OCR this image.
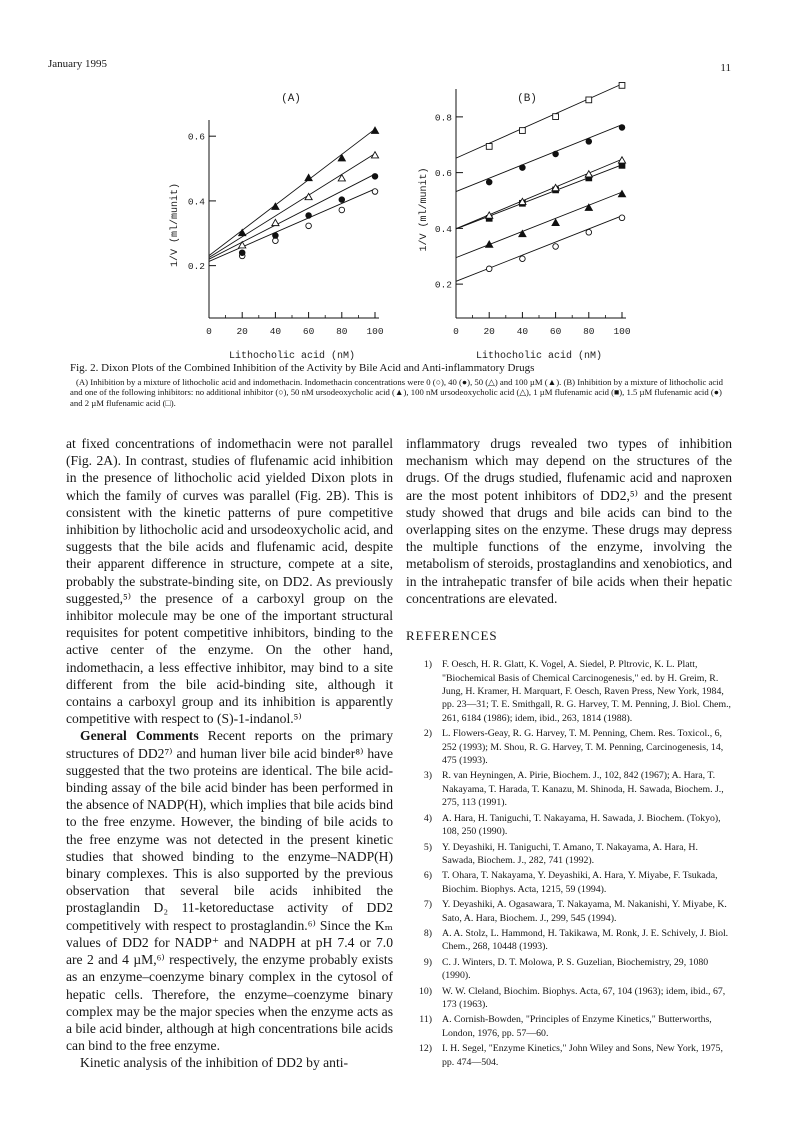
January 1995	11
(A)
0	20 40 60 80 100
0.2
0.4
0.6
Lithocholic acid (nM)
1/V (ml/munit)
(B)
0	20 40 60 80 100
0.2
0.4
0.6
0.8
Lithocholic acid (nM)
1/V (ml/munit)
Fig. 2. Dixon Plots of the Combined Inhibition of the Activity by Bile Acid and Anti-inflammatory Drugs
(A) Inhibition by a mixture of lithocholic acid and indomethacin. Indomethacin concentrations were 0 (○), 40 (●), 50 (△) and 100 µM (▲). (B) Inhibition by a mixture of lithocholic acid and one of the following inhibitors: no additional inhibitor (○), 50 nM ursodeoxycholic acid (▲), 100 nM ursodeoxycholic acid (△), 1 µM flufenamic acid (■), 1.5 µM flufenamic acid (●) and 2 µM flufenamic acid (□).

at fixed concentrations of indomethacin were not parallel (Fig. 2A). In contrast, studies of flufenamic acid inhibition in the presence of lithocholic acid yielded Dixon plots in which the family of curves was parallel (Fig. 2B). This is consistent with the kinetic patterns of pure competitive inhibition by lithocholic acid and ursodeoxycholic acid, and suggests that the bile acids and flufenamic acid, despite their apparent difference in structure, compete at a site, probably the substrate-binding site, on DD2. As previously suggested,⁵⁾ the presence of a carboxyl group on the inhibitor molecule may be one of the important structural requisites for potent competitive inhibitors, binding to the active center of the enzyme. On the other hand, indomethacin, a less effective inhibitor, may bind to a site different from the bile acid-binding site, although it contains a carboxyl group and its inhibition is apparently competitive with respect to (S)-1-indanol.⁵⁾

General Comments Recent reports on the primary structures of DD2⁷⁾ and human liver bile acid binder⁸⁾ have suggested that the two proteins are identical. The bile acid-binding assay of the bile acid binder has been performed in the absence of NADP(H), which implies that bile acids bind to the free enzyme. However, the binding of bile acids to the free enzyme was not detected in the present kinetic studies that showed binding to the enzyme–NADP(H) binary complexes. This is also supported by the previous observation that several bile acids inhibited the prostaglandin D₂ 11-ketoreductase activity of DD2 competitively with respect to prostaglandin.⁶⁾ Since the Kₘ values of DD2 for NADP⁺ and NADPH at pH 7.4 or 7.0 are 2 and 4 µM,⁶⁾ respectively, the enzyme probably exists as an enzyme–coenzyme binary complex in the cytosol of hepatic cells. Therefore, the enzyme–coenzyme binary complex may be the major species when the enzyme acts as a bile acid binder, although at high concentrations bile acids can bind to the free enzyme.

Kinetic analysis of the inhibition of DD2 by anti-

inflammatory drugs revealed two types of inhibition mechanism which may depend on the structures of the drugs. Of the drugs studied, flufenamic acid and naproxen are the most potent inhibitors of DD2,⁵⁾ and the present study showed that drugs and bile acids can bind to the overlapping sites on the enzyme. These drugs may depress the multiple functions of the enzyme, involving the metabolism of steroids, prostaglandins and xenobiotics, and in the intrahepatic transfer of bile acids when their hepatic concentrations are elevated.

REFERENCES
1)	F. Oesch, H. R. Glatt, K. Vogel, A. Siedel, P. Pltrovic, K. L. Platt, "Biochemical Basis of Chemical Carcinogenesis," ed. by H. Greim, R. Jung, H. Kramer, H. Marquart, F. Oesch, Raven Press, New York, 1984, pp. 23—31; T. E. Smithgall, R. G. Harvey, T. M. Penning, J. Biol. Chem., 261, 6184 (1986); idem, ibid., 263, 1814 (1988).
2)	L. Flowers-Geay, R. G. Harvey, T. M. Penning, Chem. Res. Toxicol., 6, 252 (1993); M. Shou, R. G. Harvey, T. M. Penning, Carcinogenesis, 14, 475 (1993).
3)	R. van Heyningen, A. Pirie, Biochem. J., 102, 842 (1967); A. Hara, T. Nakayama, T. Harada, T. Kanazu, M. Shinoda, H. Sawada, Biochem. J., 275, 113 (1991).
4)	A. Hara, H. Taniguchi, T. Nakayama, H. Sawada, J. Biochem. (Tokyo), 108, 250 (1990).
5)	Y. Deyashiki, H. Taniguchi, T. Amano, T. Nakayama, A. Hara, H. Sawada, Biochem. J., 282, 741 (1992).
6)	T. Ohara, T. Nakayama, Y. Deyashiki, A. Hara, Y. Miyabe, F. Tsukada, Biochim. Biophys. Acta, 1215, 59 (1994).
7)	Y. Deyashiki, A. Ogasawara, T. Nakayama, M. Nakanishi, Y. Miyabe, K. Sato, A. Hara, Biochem. J., 299, 545 (1994).
8)	A. A. Stolz, L. Hammond, H. Takikawa, M. Ronk, J. E. Schively, J. Biol. Chem., 268, 10448 (1993).
9)	C. J. Winters, D. T. Molowa, P. S. Guzelian, Biochemistry, 29, 1080 (1990).
10)	W. W. Cleland, Biochim. Biophys. Acta, 67, 104 (1963); idem, ibid., 67, 173 (1963).
11)	A. Cornish-Bowden, "Principles of Enzyme Kinetics," Butterworths, London, 1976, pp. 57—60.
12)	I. H. Segel, "Enzyme Kinetics," John Wiley and Sons, New York, 1975, pp. 474—504.
